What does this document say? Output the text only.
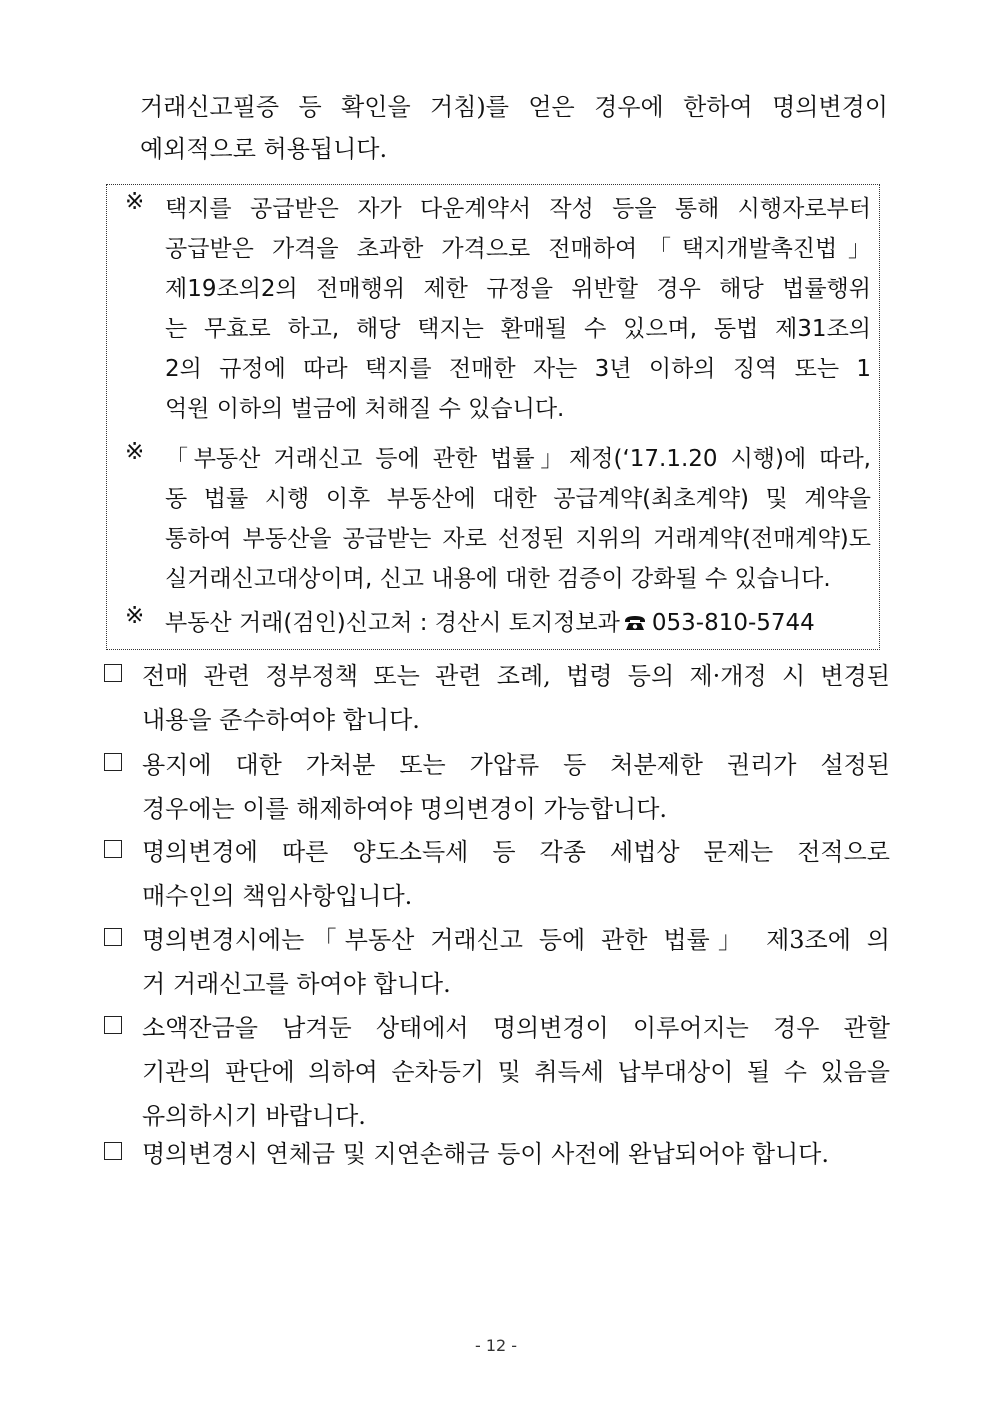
거래신고필증 등 확인을 거침)를 얻은 경우에 한하여 명의변경이
예외적으로 허용됩니다.
※ 택지를 공급받은 자가 다운계약서 작성 등을 통해 시행자로부터
공급받은 가격을 초과한 가격으로 전매하여「택지개발촉진법」
제19조의2의 전매행위 제한 규정을 위반할 경우 해당 법률행위
는 무효로 하고, 해당 택지는 환매될 수 있으며, 동법 제31조의
2의 규정에 따라 택지를 전매한 자는 3년 이하의 징역 또는 1
억원 이하의 벌금에 처해질 수 있습니다.
※ 「부동산 거래신고 등에 관한 법률」제정(‘17.1.20 시행)에 따라,
동 법률 시행 이후 부동산에 대한 공급계약(최초계약) 및 계약을
통하여 부동산을 공급받는 자로 선정된 지위의 거래계약(전매계약)도
실거래신고대상이며, 신고 내용에 대한 검증이 강화될 수 있습니다.
※ 부동산 거래(검인)신고처 : 경산시 토지정보과 053-810-5744
전매 관련 정부정책 또는 관련 조례, 법령 등의 제·개정 시 변경된
내용을 준수하여야 합니다.
용지에 대한 가처분 또는 가압류 등 처분제한 권리가 설정된
경우에는 이를 해제하여야 명의변경이 가능합니다.
명의변경에 따른 양도소득세 등 각종 세법상 문제는 전적으로
매수인의 책임사항입니다.
명의변경시에는「부동산 거래신고 등에 관한 법률」 제3조에 의
거 거래신고를 하여야 합니다.
소액잔금을 남겨둔 상태에서 명의변경이 이루어지는 경우 관할
기관의 판단에 의하여 순차등기 및 취득세 납부대상이 될 수 있음을
유의하시기 바랍니다.
명의변경시 연체금 및 지연손해금 등이 사전에 완납되어야 합니다.
- 12 -
